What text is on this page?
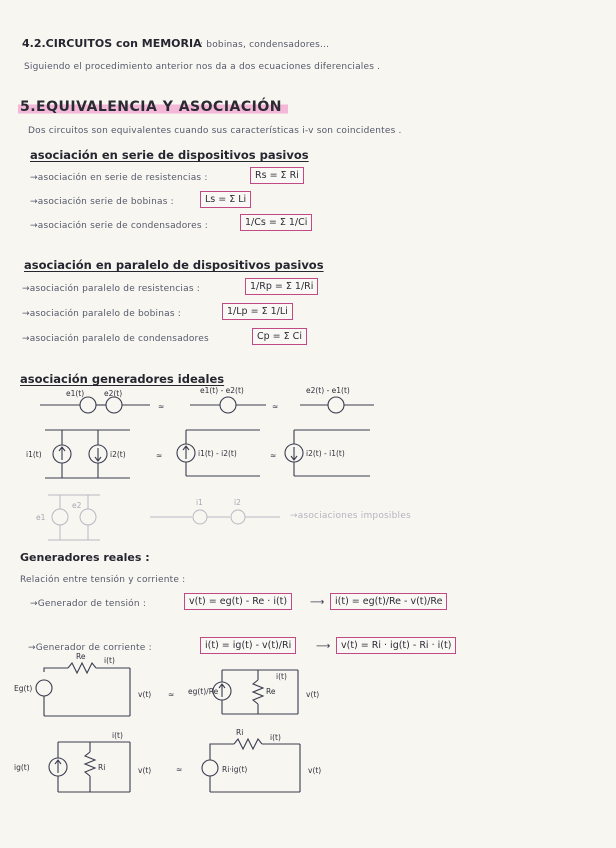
4.2.CIRCUITOS con MEMORIA
: bobinas, condensadores...
Siguiendo el procedimiento anterior nos da a dos ecuaciones diferenciales .
5.EQUIVALENCIA Y ASOCIACIÓN
Dos circuitos son equivalentes cuando sus características i-v son coincidentes .
asociación en serie de dispositivos pasivos
→asociación en serie de resistencias :	Rs = Σ Ri
→asociación serie de bobinas :	Ls = Σ Li
→asociación serie de condensadores :	1/Cs = Σ 1/Ci
asociación en paralelo de dispositivos pasivos
→asociación paralelo de resistencias :	1/Rp = Σ 1/Ri
→asociación paralelo de bobinas :	1/Lp = Σ 1/Li
→asociación paralelo de condensadores	Cp = Σ Ci
asociación generadores ideales
e1(t)	e2(t)	e1(t) - e2(t)	e2(t) - e1(t)
≈	≈
i1(t)	i2(t)	i1(t) - i2(t)	i2(t) - i1(t)
≈	≈
e1
e2	i1	i2
Re i(t)
Eg(t)
v(t)	eg(t)/Re	Re
i(t)
v(t)
≈
i(t)
ig(t)	Ri	v(t)	≈
Ri
i(t)
Ri·ig(t)	v(t)
→asociaciones imposibles
Generadores reales :
Relación entre tensión y corriente :
→Generador de tensión :	v(t) = eg(t) - Re · i(t)	⟶	i(t) = eg(t)/Re - v(t)/Re
→Generador de corriente :	i(t) = ig(t) - v(t)/Ri	⟶	v(t) = Ri · ig(t) - Ri · i(t)
